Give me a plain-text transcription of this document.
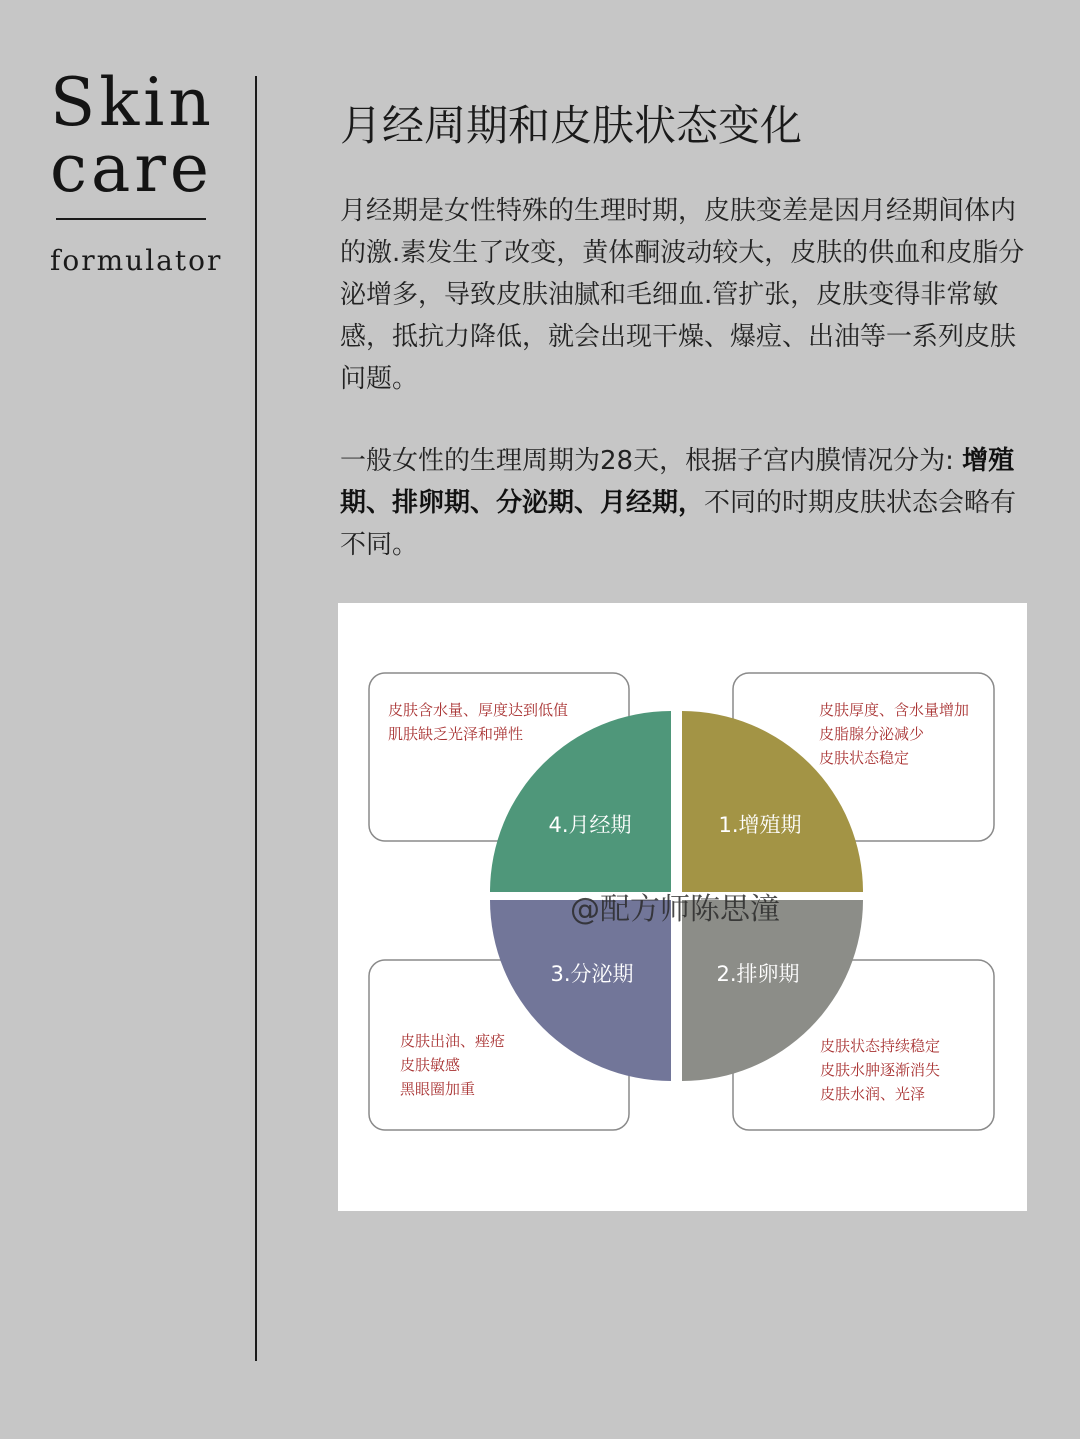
Skin
care

formulator

月经周期和皮肤状态变化

月经期是女性特殊的生理时期，皮肤变差是因月经期间体内的激.素发生了改变，黄体酮波动较大，皮肤的供血和皮脂分泌增多，导致皮肤油腻和毛细血.管扩张，皮肤变得非常敏感，抵抗力降低，就会出现干燥、爆痘、出油等一系列皮肤问题。

一般女性的生理周期为28天，根据子宫内膜情况分为: 增殖期、排卵期、分泌期、月经期，不同的时期皮肤状态会略有不同。

4.月经期	1.增殖期
3.分泌期	2.排卵期
皮肤含水量、厚度达到低值
肌肤缺乏光泽和弹性
皮肤厚度、含水量增加
皮脂腺分泌减少
皮肤状态稳定
皮肤出油、痤疮
皮肤敏感
黑眼圈加重
皮肤状态持续稳定
皮肤水肿逐渐消失
皮肤水润、光泽
@配方师陈思潼
